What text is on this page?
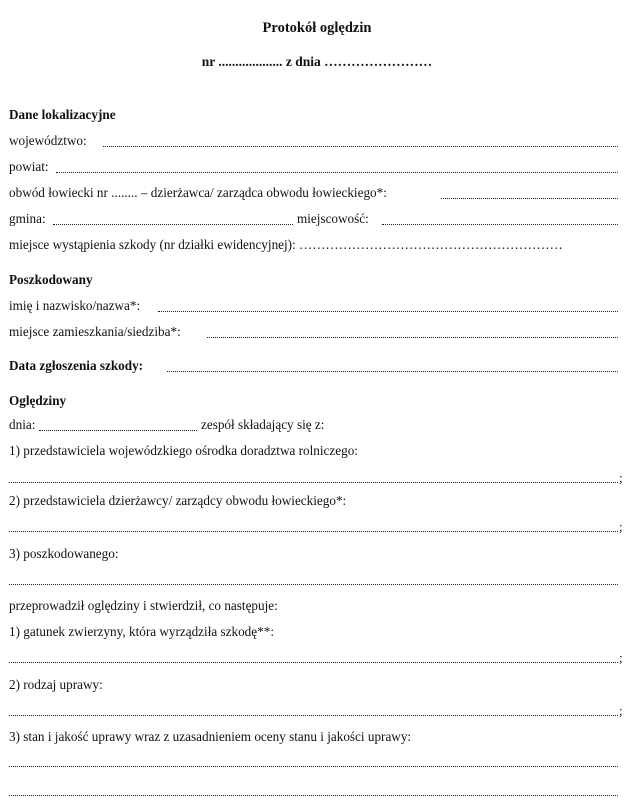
Protokół oględzin
nr ................... z dnia ……………………
Dane lokalizacyjne
województwo:
powiat:
obwód łowiecki nr ........ – dzierżawca/ zarządca obwodu łowieckiego*:
gmina:	miejscowość:
miejsce wystąpienia szkody (nr działki ewidencyjnej): ……………………………………………………
Poszkodowany
imię i nazwisko/nazwa*:
miejsce zamieszkania/siedziba*:
Data zgłoszenia szkody:
Oględziny
dnia:	zespół składający się z:
1) przedstawiciela wojewódzkiego ośrodka doradztwa rolniczego:
;
2) przedstawiciela dzierżawcy/ zarządcy obwodu łowieckiego*:
;
3) poszkodowanego:
przeprowadził oględziny i stwierdził, co następuje:
1) gatunek zwierzyny, która wyrządziła szkodę**:
;
2) rodzaj uprawy:
;
3) stan i jakość uprawy wraz z uzasadnieniem oceny stanu i jakości uprawy:
